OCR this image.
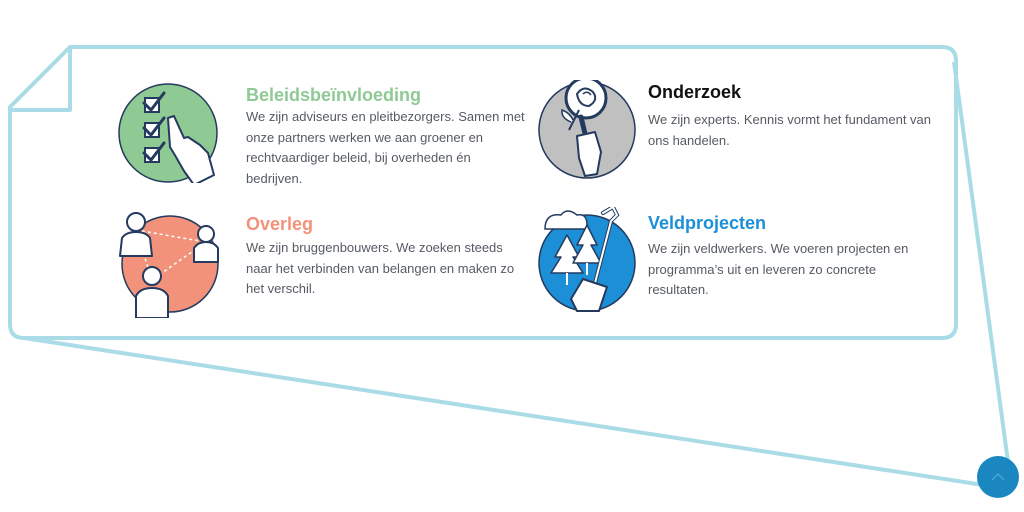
Beleidsbeïnvloeding

We zijn adviseurs en pleitbezorgers. Samen met onze partners werken we aan groener en rechtvaardiger beleid, bij overheden én bedrijven.

Onderzoek

We zijn experts. Kennis vormt het fundament van ons handelen.

Overleg

We zijn bruggenbouwers. We zoeken steeds naar het verbinden van belangen en maken zo het verschil.

Veldprojecten

We zijn veldwerkers. We voeren projecten en programma’s uit en leveren zo concrete resultaten.
